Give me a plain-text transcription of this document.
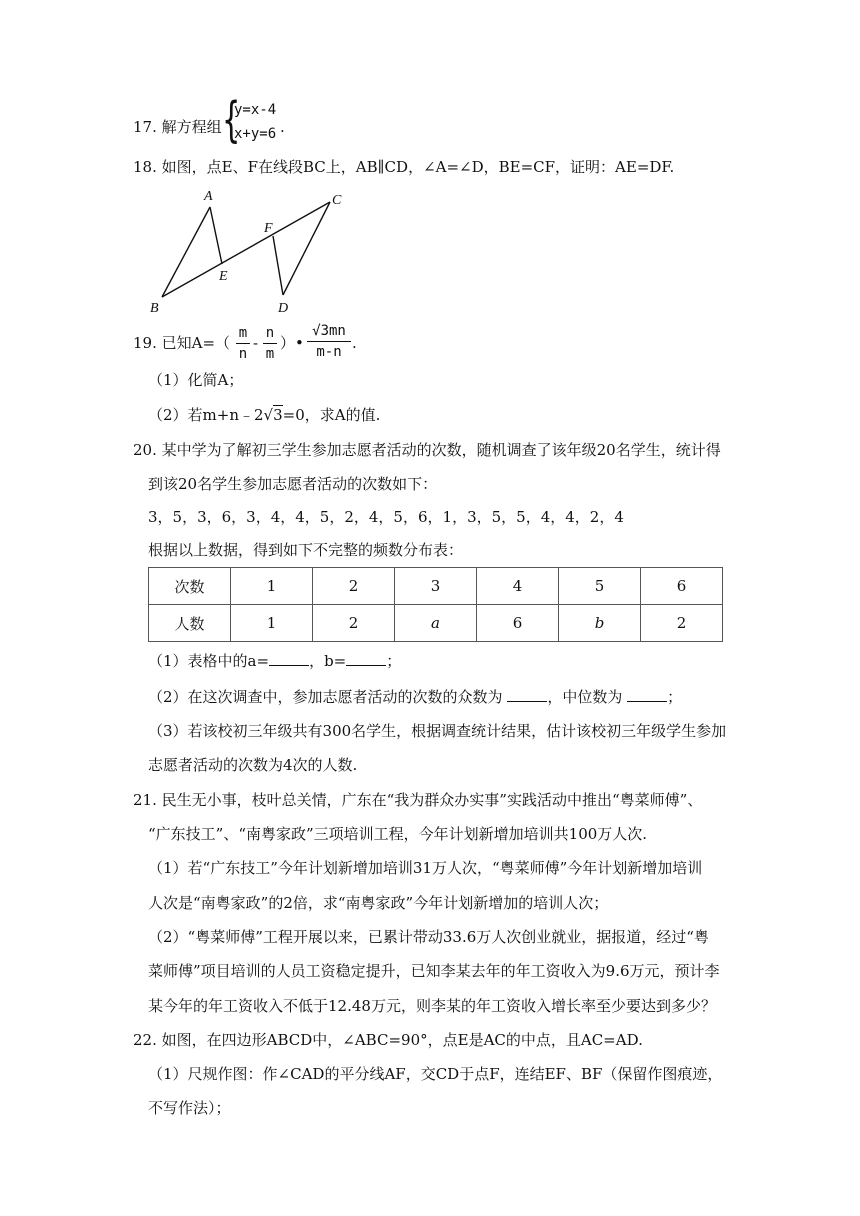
17. 解方程组 {
y=x-4
x+y=6 .
18. 如图，点E、F在线段BC上，AB∥CD，∠A=∠D，BE=CF，证明：AE=DF.
A
B
C
D
E
F
19. 已知A=（
m
n
-
n
m
）•
√3mn
m-n .
（1）化简A；
（2）若m+n﹣2√3=0，求A的值.
20. 某中学为了解初三学生参加志愿者活动的次数，随机调查了该年级20名学生，统计得
到该20名学生参加志愿者活动的次数如下：
3，5，3，6，3，4，4，5，2，4，5，6，1，3，5，5，4，4，2，4
根据以上数据，得到如下不完整的频数分布表：
次数	1	2	3	4	5	6
人数	1	2	a	6	b	2
（1）表格中的a=	，b=	；
（2）在这次调查中，参加志愿者活动的次数的众数为	，中位数为	；
（3）若该校初三年级共有300名学生，根据调查统计结果，估计该校初三年级学生参加
志愿者活动的次数为4次的人数.
21. 民生无小事，枝叶总关情，广东在“我为群众办实事”实践活动中推出“粤菜师傅”、
“广东技工”、“南粤家政”三项培训工程，今年计划新增加培训共100万人次.
（1）若“广东技工”今年计划新增加培训31万人次，“粤菜师傅”今年计划新增加培训
人次是“南粤家政”的2倍，求“南粤家政”今年计划新增加的培训人次；
（2）“粤菜师傅”工程开展以来，已累计带动33.6万人次创业就业，据报道，经过“粤
菜师傅”项目培训的人员工资稳定提升，已知李某去年的年工资收入为9.6万元，预计李
某今年的年工资收入不低于12.48万元，则李某的年工资收入增长率至少要达到多少？
22. 如图，在四边形ABCD中，∠ABC=90°，点E是AC的中点，且AC=AD.
（1）尺规作图：作∠CAD的平分线AF，交CD于点F，连结EF、BF（保留作图痕迹，
不写作法）；
